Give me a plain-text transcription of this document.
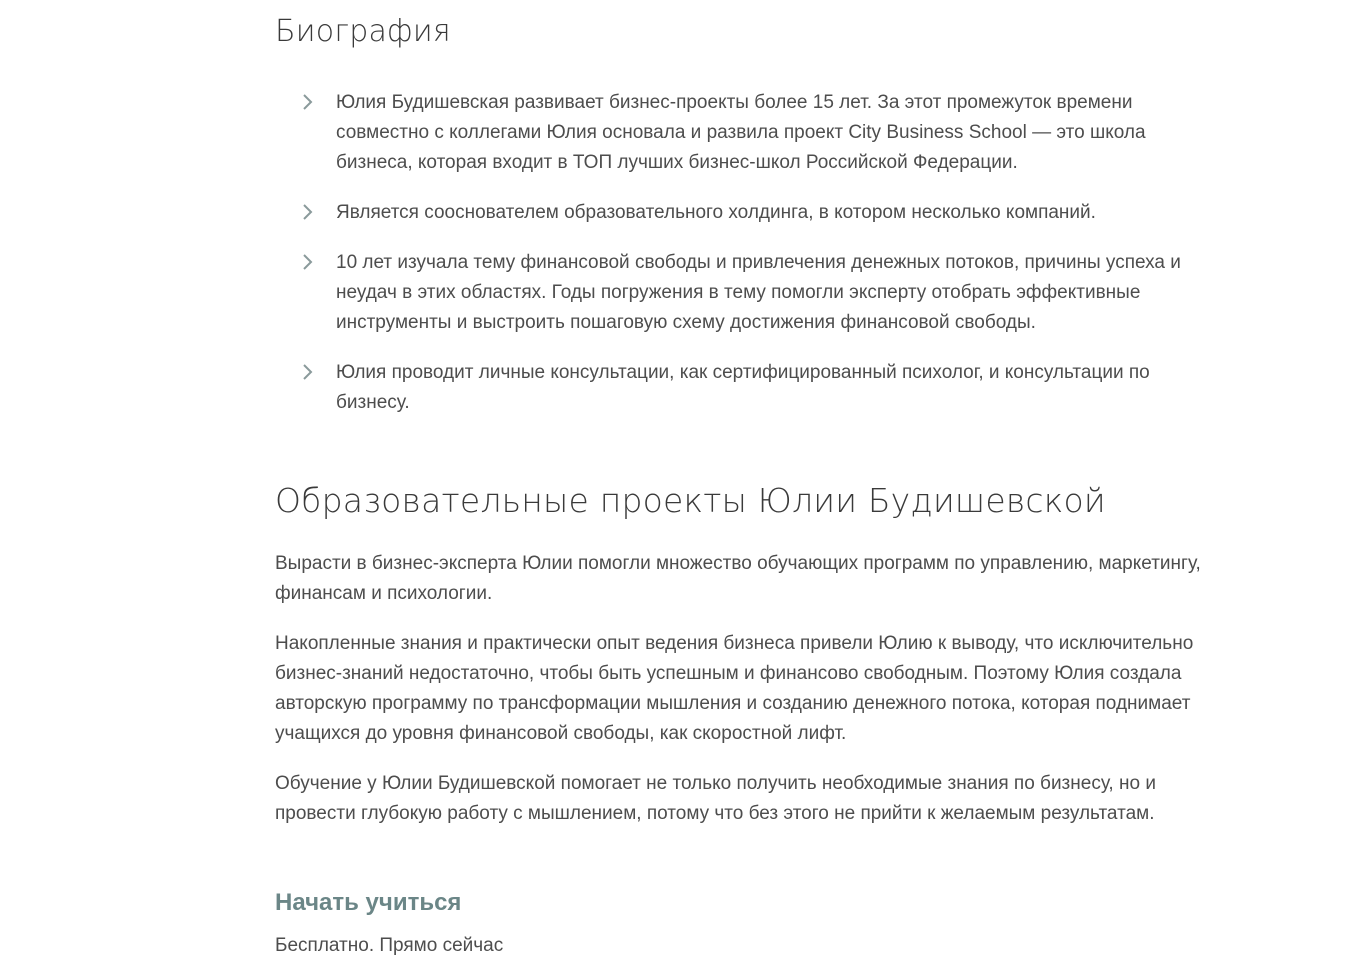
Биография
Юлия Будишевская развивает бизнес-проекты более 15 лет. За этот промежуток времени совместно с коллегами Юлия основала и развила проект City Business School — это школа бизнеса, которая входит в ТОП лучших бизнес-школ Российской Федерации.
Является сооснователем образовательного холдинга, в котором несколько компаний.
10 лет изучала тему финансовой свободы и привлечения денежных потоков, причины успеха и неудач в этих областях. Годы погружения в тему помогли эксперту отобрать эффективные инструменты и выстроить пошаговую схему достижения финансовой свободы.
Юлия проводит личные консультации, как сертифицированный психолог, и консультации по бизнесу.
Образовательные проекты Юлии Будишевской

Вырасти в бизнес-эксперта Юлии помогли множество обучающих программ по управлению, маркетингу, финансам и психологии.

Накопленные знания и практически опыт ведения бизнеса привели Юлию к выводу, что исключительно бизнес-знаний недостаточно, чтобы быть успешным и финансово свободным. Поэтому Юлия создала авторскую программу по трансформации мышления и созданию денежного потока, которая поднимает учащихся до уровня финансовой свободы, как скоростной лифт.

Обучение у Юлии Будишевской помогает не только получить необходимые знания по бизнесу, но и провести глубокую работу с мышлением, потому что без этого не прийти к желаемым результатам.

Начать учиться
Бесплатно. Прямо сейчас
